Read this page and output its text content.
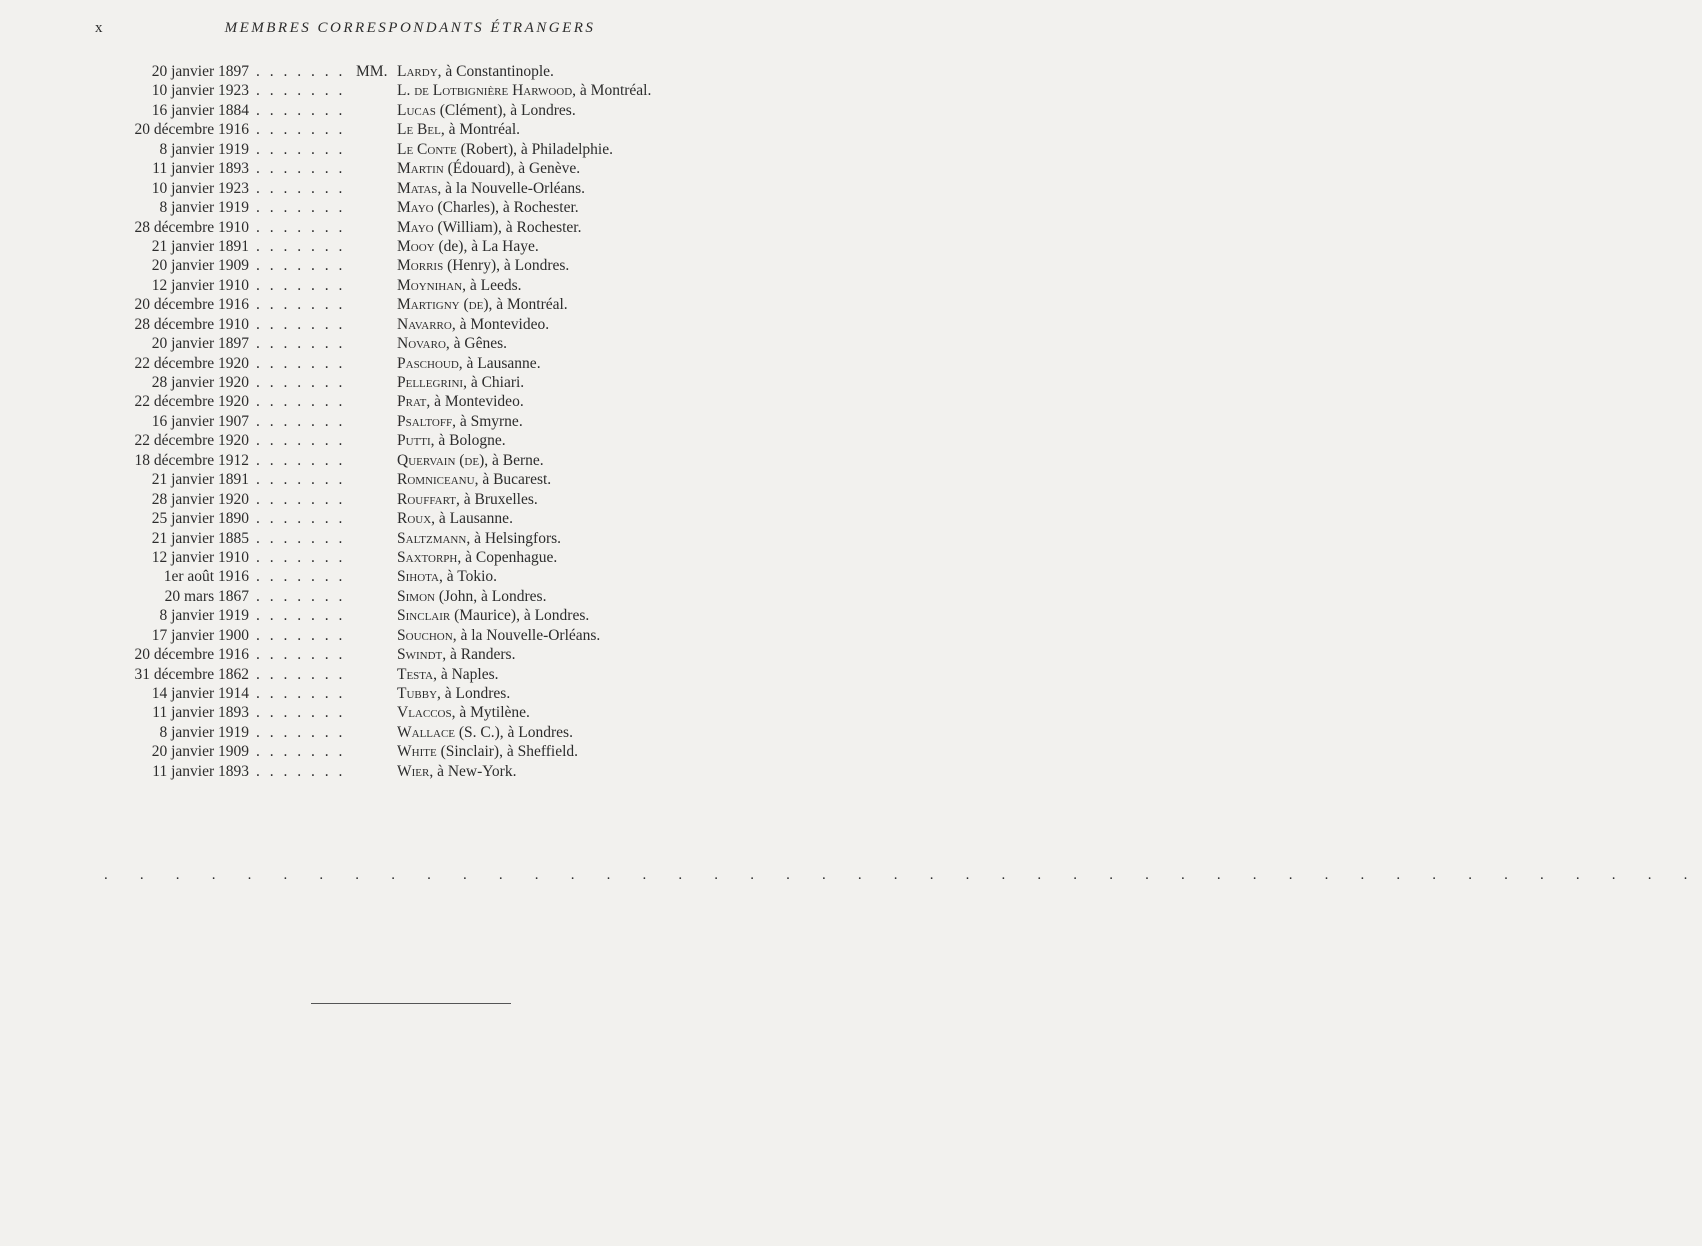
x	MEMBRES CORRESPONDANTS ÉTRANGERS
20 janvier 1897 . . . . . . . MM. Lardy, à Constantinople.
10 janvier 1923 . . . . . . .	L. de Lotbignière Harwood, à Montréal.
16 janvier 1884 . . . . . . .	Lucas (Clément), à Londres.
20 décembre 1916 . . . . . . .	Le Bel, à Montréal.
8 janvier 1919 . . . . . . .	Le Conte (Robert), à Philadelphie.
11 janvier 1893 . . . . . . .	Martin (Édouard), à Genève.
10 janvier 1923 . . . . . . .	Matas, à la Nouvelle-Orléans.
8 janvier 1919 . . . . . . .	Mayo (Charles), à Rochester.
28 décembre 1910 . . . . . . .	Mayo (William), à Rochester.
21 janvier 1891 . . . . . . .	Mooy (de), à La Haye.
20 janvier 1909 . . . . . . .	Morris (Henry), à Londres.
12 janvier 1910 . . . . . . .	Moynihan, à Leeds.
20 décembre 1916 . . . . . . .	Martigny (de), à Montréal.
28 décembre 1910 . . . . . . .	Navarro, à Montevideo.
20 janvier 1897 . . . . . . .	Novaro, à Gênes.
22 décembre 1920 . . . . . . .	Paschoud, à Lausanne.
28 janvier 1920 . . . . . . .	Pellegrini, à Chiari.
22 décembre 1920 . . . . . . .	Prat, à Montevideo.
16 janvier 1907 . . . . . . .	Psaltoff, à Smyrne.
22 décembre 1920 . . . . . . .	Putti, à Bologne.
18 décembre 1912 . . . . . . .	Quervain (de), à Berne.
21 janvier 1891 . . . . . . .	Romniceanu, à Bucarest.
28 janvier 1920 . . . . . . .	Rouffart, à Bruxelles.
25 janvier 1890 . . . . . . .	Roux, à Lausanne.
21 janvier 1885 . . . . . . .	Saltzmann, à Helsingfors.
12 janvier 1910 . . . . . . .	Saxtorph, à Copenhague.
1er août 1916 . . . . . . .	Sihota, à Tokio.
20 mars 1867 . . . . . . .	Simon (John, à Londres.
8 janvier 1919 . . . . . . .	Sinclair (Maurice), à Londres.
17 janvier 1900 . . . . . . .	Souchon, à la Nouvelle-Orléans.
20 décembre 1916 . . . . . . .	Swindt, à Randers.
31 décembre 1862 . . . . . . .	Testa, à Naples.
14 janvier 1914 . . . . . . .	Tubby, à Londres.
11 janvier 1893 . . . . . . .	Vlaccos, à Mytilène.
8 janvier 1919 . . . . . . .	Wallace (S. C.), à Londres.
20 janvier 1909 . . . . . . .	White (Sinclair), à Sheffield.
11 janvier 1893 . . . . . . .	Wier, à New-York.
. . . . . . . . . . . . . . . . . . . . . . . . . . . . . . . . . . . . . . . . . . . . .
